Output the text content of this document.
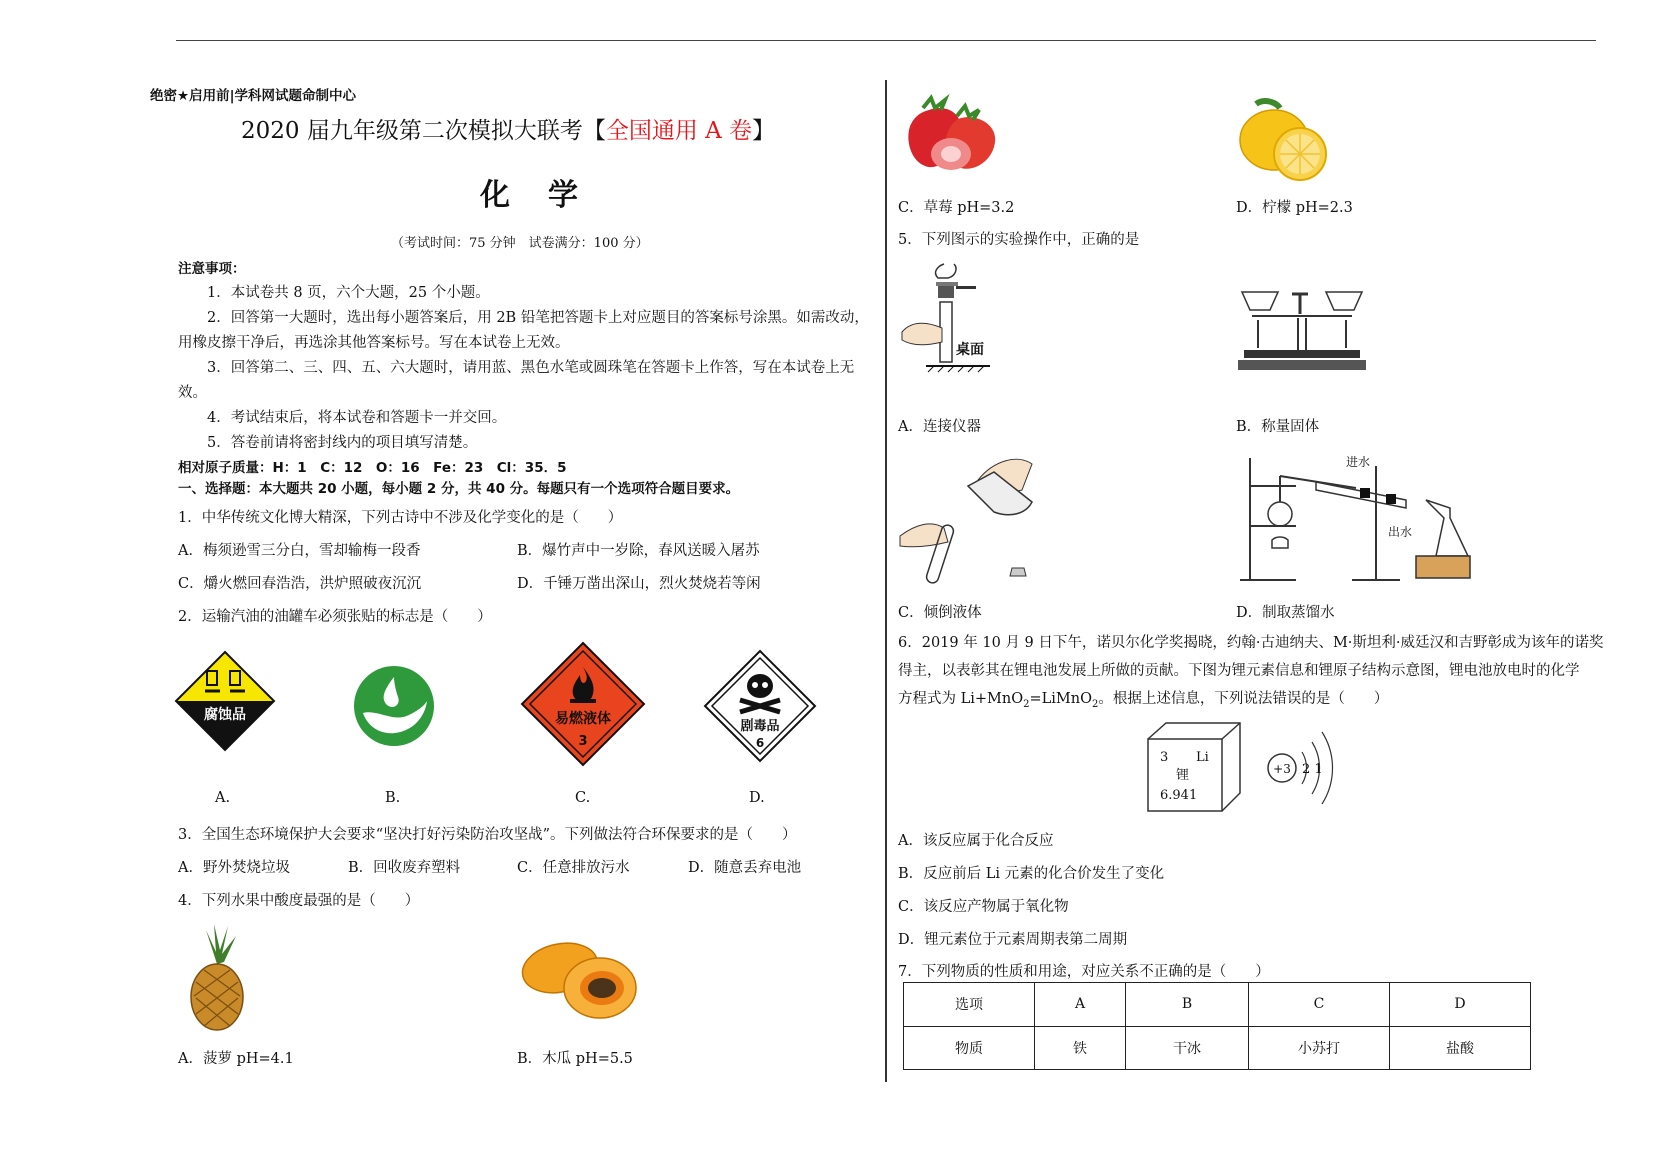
绝密★启用前|学科网试题命制中心
2020 届九年级第二次模拟大联考【全国通用 A 卷】
化　学
（考试时间：75 分钟　试卷满分：100 分）
注意事项：
1．本试卷共 8 页，六个大题，25 个小题。
2．回答第一大题时，选出每小题答案后，用 2B 铅笔把答题卡上对应题目的答案标号涂黑。如需改动，
用橡皮擦干净后，再选涂其他答案标号。写在本试卷上无效。
3．回答第二、三、四、五、六大题时，请用蓝、黑色水笔或圆珠笔在答题卡上作答，写在本试卷上无
效。
4．考试结束后，将本试卷和答题卡一并交回。
5．答卷前请将密封线内的项目填写清楚。
相对原子质量：H：1　C：12　O：16　Fe：23　Cl：35．5
一、选择题：本大题共 20 小题，每小题 2 分，共 40 分。每题只有一个选项符合题目要求。
1．中华传统文化博大精深，下列古诗中不涉及化学变化的是（　　）
A．梅须逊雪三分白，雪却输梅一段香	B．爆竹声中一岁除，春风送暖入屠苏
C．爝火燃回春浩浩，洪炉照破夜沉沉	D．千锤万凿出深山，烈火焚烧若等闲
2．运输汽油的油罐车必须张贴的标志是（　　）
腐蚀品	易燃液体
3
剧毒品
6
A.	B.	C.	D.
3．全国生态环境保护大会要求“坚决打好污染防治攻坚战”。下列做法符合环保要求的是（　　）
A．野外焚烧垃圾	B．回收废弃塑料	C．任意排放污水	D．随意丢弃电池
4．下列水果中酸度最强的是（　　）
A．菠萝 pH=4.1	B．木瓜 pH=5.5
C．草莓 pH=3.2	D．柠檬 pH=2.3
5．下列图示的实验操作中，正确的是
桌面
A．连接仪器	B．称量固体
进水
出水
C．倾倒液体	D．制取蒸馏水
6．2019 年 10 月 9 日下午，诺贝尔化学奖揭晓，约翰·古迪纳夫、M·斯坦利·威廷汉和吉野彰成为该年的诺奖
得主，以表彰其在锂电池发展上所做的贡献。下图为锂元素信息和锂原子结构示意图，锂电池放电时的化学
方程式为 Li+MnO$_2$=LiMnO$_2$。根据上述信息，下列说法错误的是（　　）
3 Li
锂
6.941
+3 2 1
A．该反应属于化合反应
B．反应前后 Li 元素的化合价发生了变化
C．该反应产物属于氧化物
D．锂元素位于元素周期表第二周期
7．下列物质的性质和用途，对应关系不正确的是（　　）
选项	A	B	C	D
物质	铁	干冰	小苏打	盐酸
